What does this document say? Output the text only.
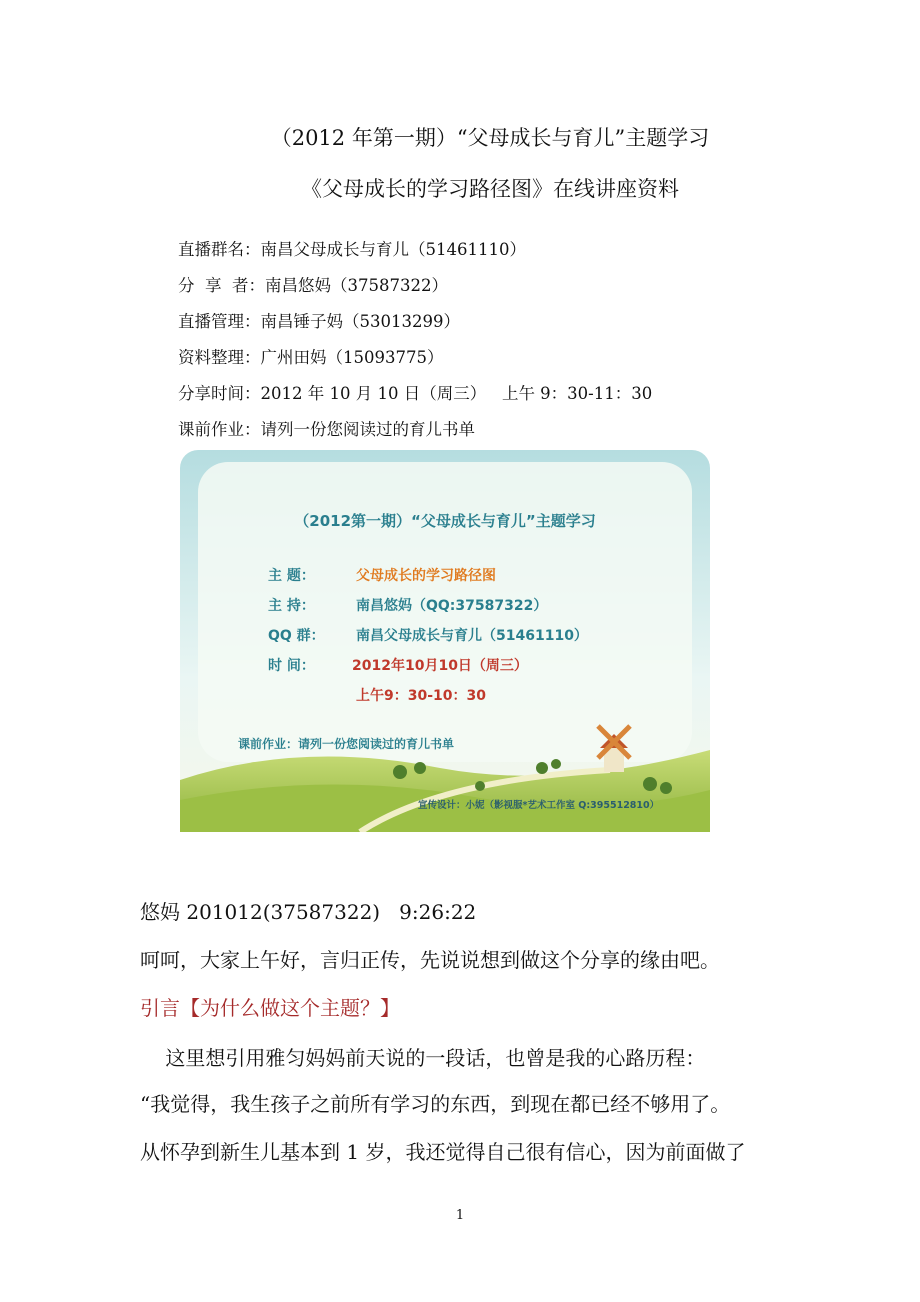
（2012 年第一期）“父母成长与育儿”主题学习
《父母成长的学习路径图》在线讲座资料
直播群名：南昌父母成长与育儿（51461110）
分  享  者：南昌悠妈（37587322）
直播管理：南昌锤子妈（53013299）
资料整理：广州田妈（15093775）
分享时间：2012 年 10 月 10 日（周三）   上午 9：30-11：30
课前作业：请列一份您阅读过的育儿书单
（2012第一期）“父母成长与育儿”主题学习
主 题：	父母成长的学习路径图
主 持：	南昌悠妈（QQ:37587322）
QQ 群： 南昌父母成长与育儿（51461110）
时 间：	2012年10月10日（周三）
上午9：30-10：30
课前作业：请列一份您阅读过的育儿书单
宣传设计：小妮（影视服*艺术工作室 Q:395512810）
悠妈 201012(37587322)   9:26:22
呵呵，大家上午好，言归正传，先说说想到做这个分享的缘由吧。
引言【为什么做这个主题？】
这里想引用雅匀妈妈前天说的一段话，也曾是我的心路历程：
“我觉得，我生孩子之前所有学习的东西，到现在都已经不够用了。
从怀孕到新生儿基本到 1 岁，我还觉得自己很有信心，因为前面做了
1
